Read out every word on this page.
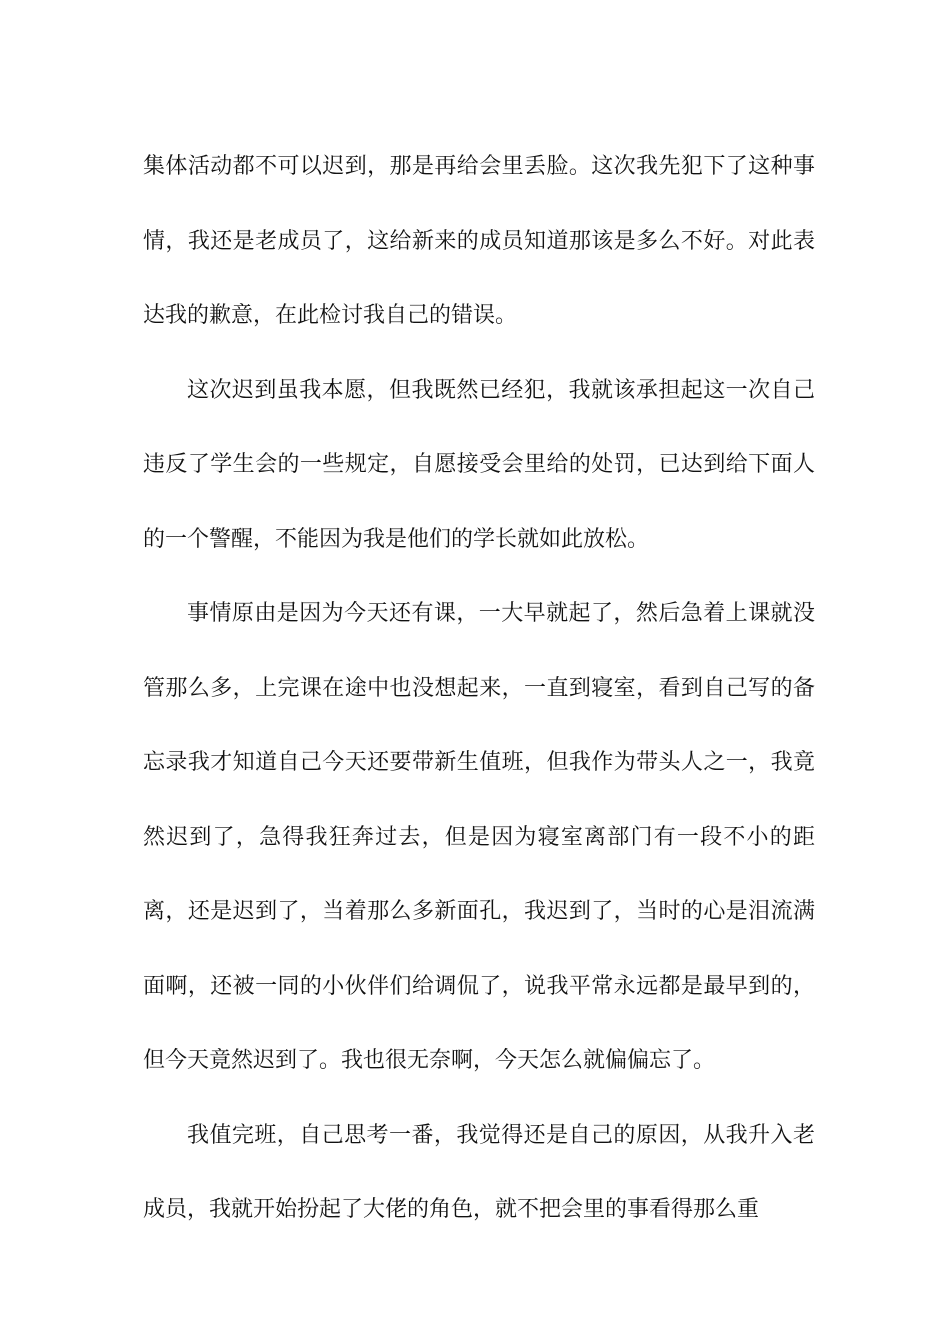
集体活动都不可以迟到，那是再给会里丢脸。这次我先犯下了这种事情，我还是老成员了，这给新来的成员知道那该是多么不好。对此表达我的歉意，在此检讨我自己的错误。

这次迟到虽我本愿，但我既然已经犯，我就该承担起这一次自己违反了学生会的一些规定，自愿接受会里给的处罚，已达到给下面人的一个警醒，不能因为我是他们的学长就如此放松。

事情原由是因为今天还有课，一大早就起了，然后急着上课就没管那么多，上完课在途中也没想起来，一直到寝室，看到自己写的备忘录我才知道自己今天还要带新生值班，但我作为带头人之一，我竟然迟到了，急得我狂奔过去，但是因为寝室离部门有一段不小的距离，还是迟到了，当着那么多新面孔，我迟到了，当时的心是泪流满面啊，还被一同的小伙伴们给调侃了，说我平常永远都是最早到的，但今天竟然迟到了。我也很无奈啊，今天怎么就偏偏忘了。

我值完班，自己思考一番，我觉得还是自己的原因，从我升入老成员，我就开始扮起了大佬的角色，就不把会里的事看得那么重
